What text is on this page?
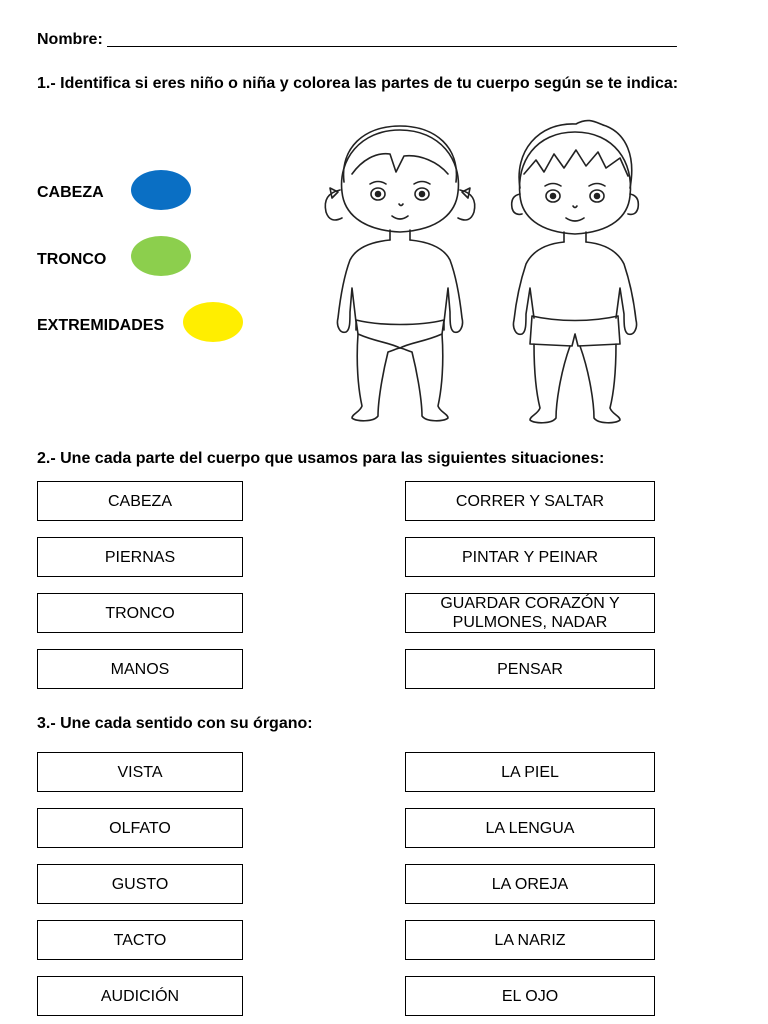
Nombre: ________________________________________________________________
1.- Identifica si eres niño o niña y colorea las partes de tu cuerpo según se te indica:
CABEZA
TRONCO
EXTREMIDADES
2.- Une cada parte del cuerpo que usamos para las siguientes situaciones:
CABEZA
PIERNAS
TRONCO
MANOS
CORRER Y SALTAR
PINTAR Y PEINAR
GUARDAR CORAZÓN Y PULMONES, NADAR
PENSAR
3.- Une cada sentido con su órgano:
VISTA
OLFATO
GUSTO
TACTO
AUDICIÓN
LA PIEL
LA LENGUA
LA OREJA
LA NARIZ
EL OJO
